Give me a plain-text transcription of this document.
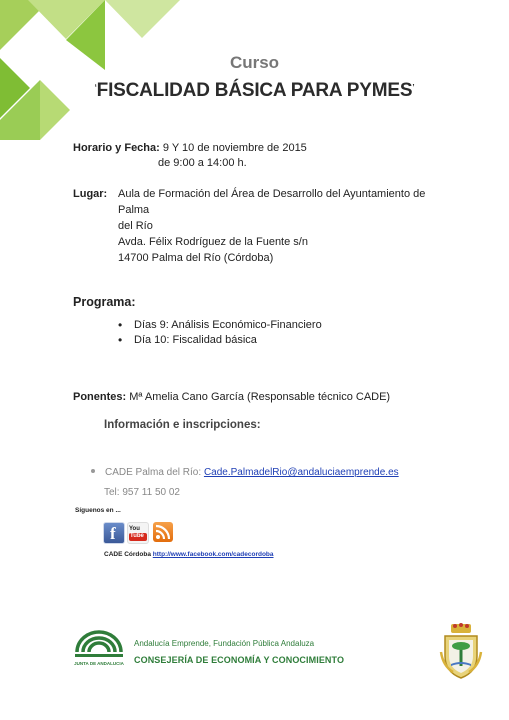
Curso
‘FISCALIDAD BÁSICA PARA PYMES’
Horario y Fecha: 9 Y 10 de noviembre de 2015
de 9:00 a 14:00 h.
Lugar: Aula de Formación del Área de Desarrollo del Ayuntamiento de Palma
del Río
Avda. Félix Rodríguez de la Fuente s/n
14700 Palma del Río (Córdoba)
Programa:
• Días 9: Análisis Económico-Financiero
• Día 10: Fiscalidad básica
Ponentes: Mª Amelia Cano García (Responsable técnico CADE)
Información e inscripciones:
CADE Palma del Río: Cade.PalmadelRio@andaluciaemprende.es
Tel: 957 11 50 02
Síguenos en ...
f You
Tube
CADE Córdoba http://www.facebook.com/cadecordoba
JUNTA DE ANDALUCIA
Andalucía Emprende, Fundación Pública Andaluza
CONSEJERÍA DE ECONOMÍA Y CONOCIMIENTO
